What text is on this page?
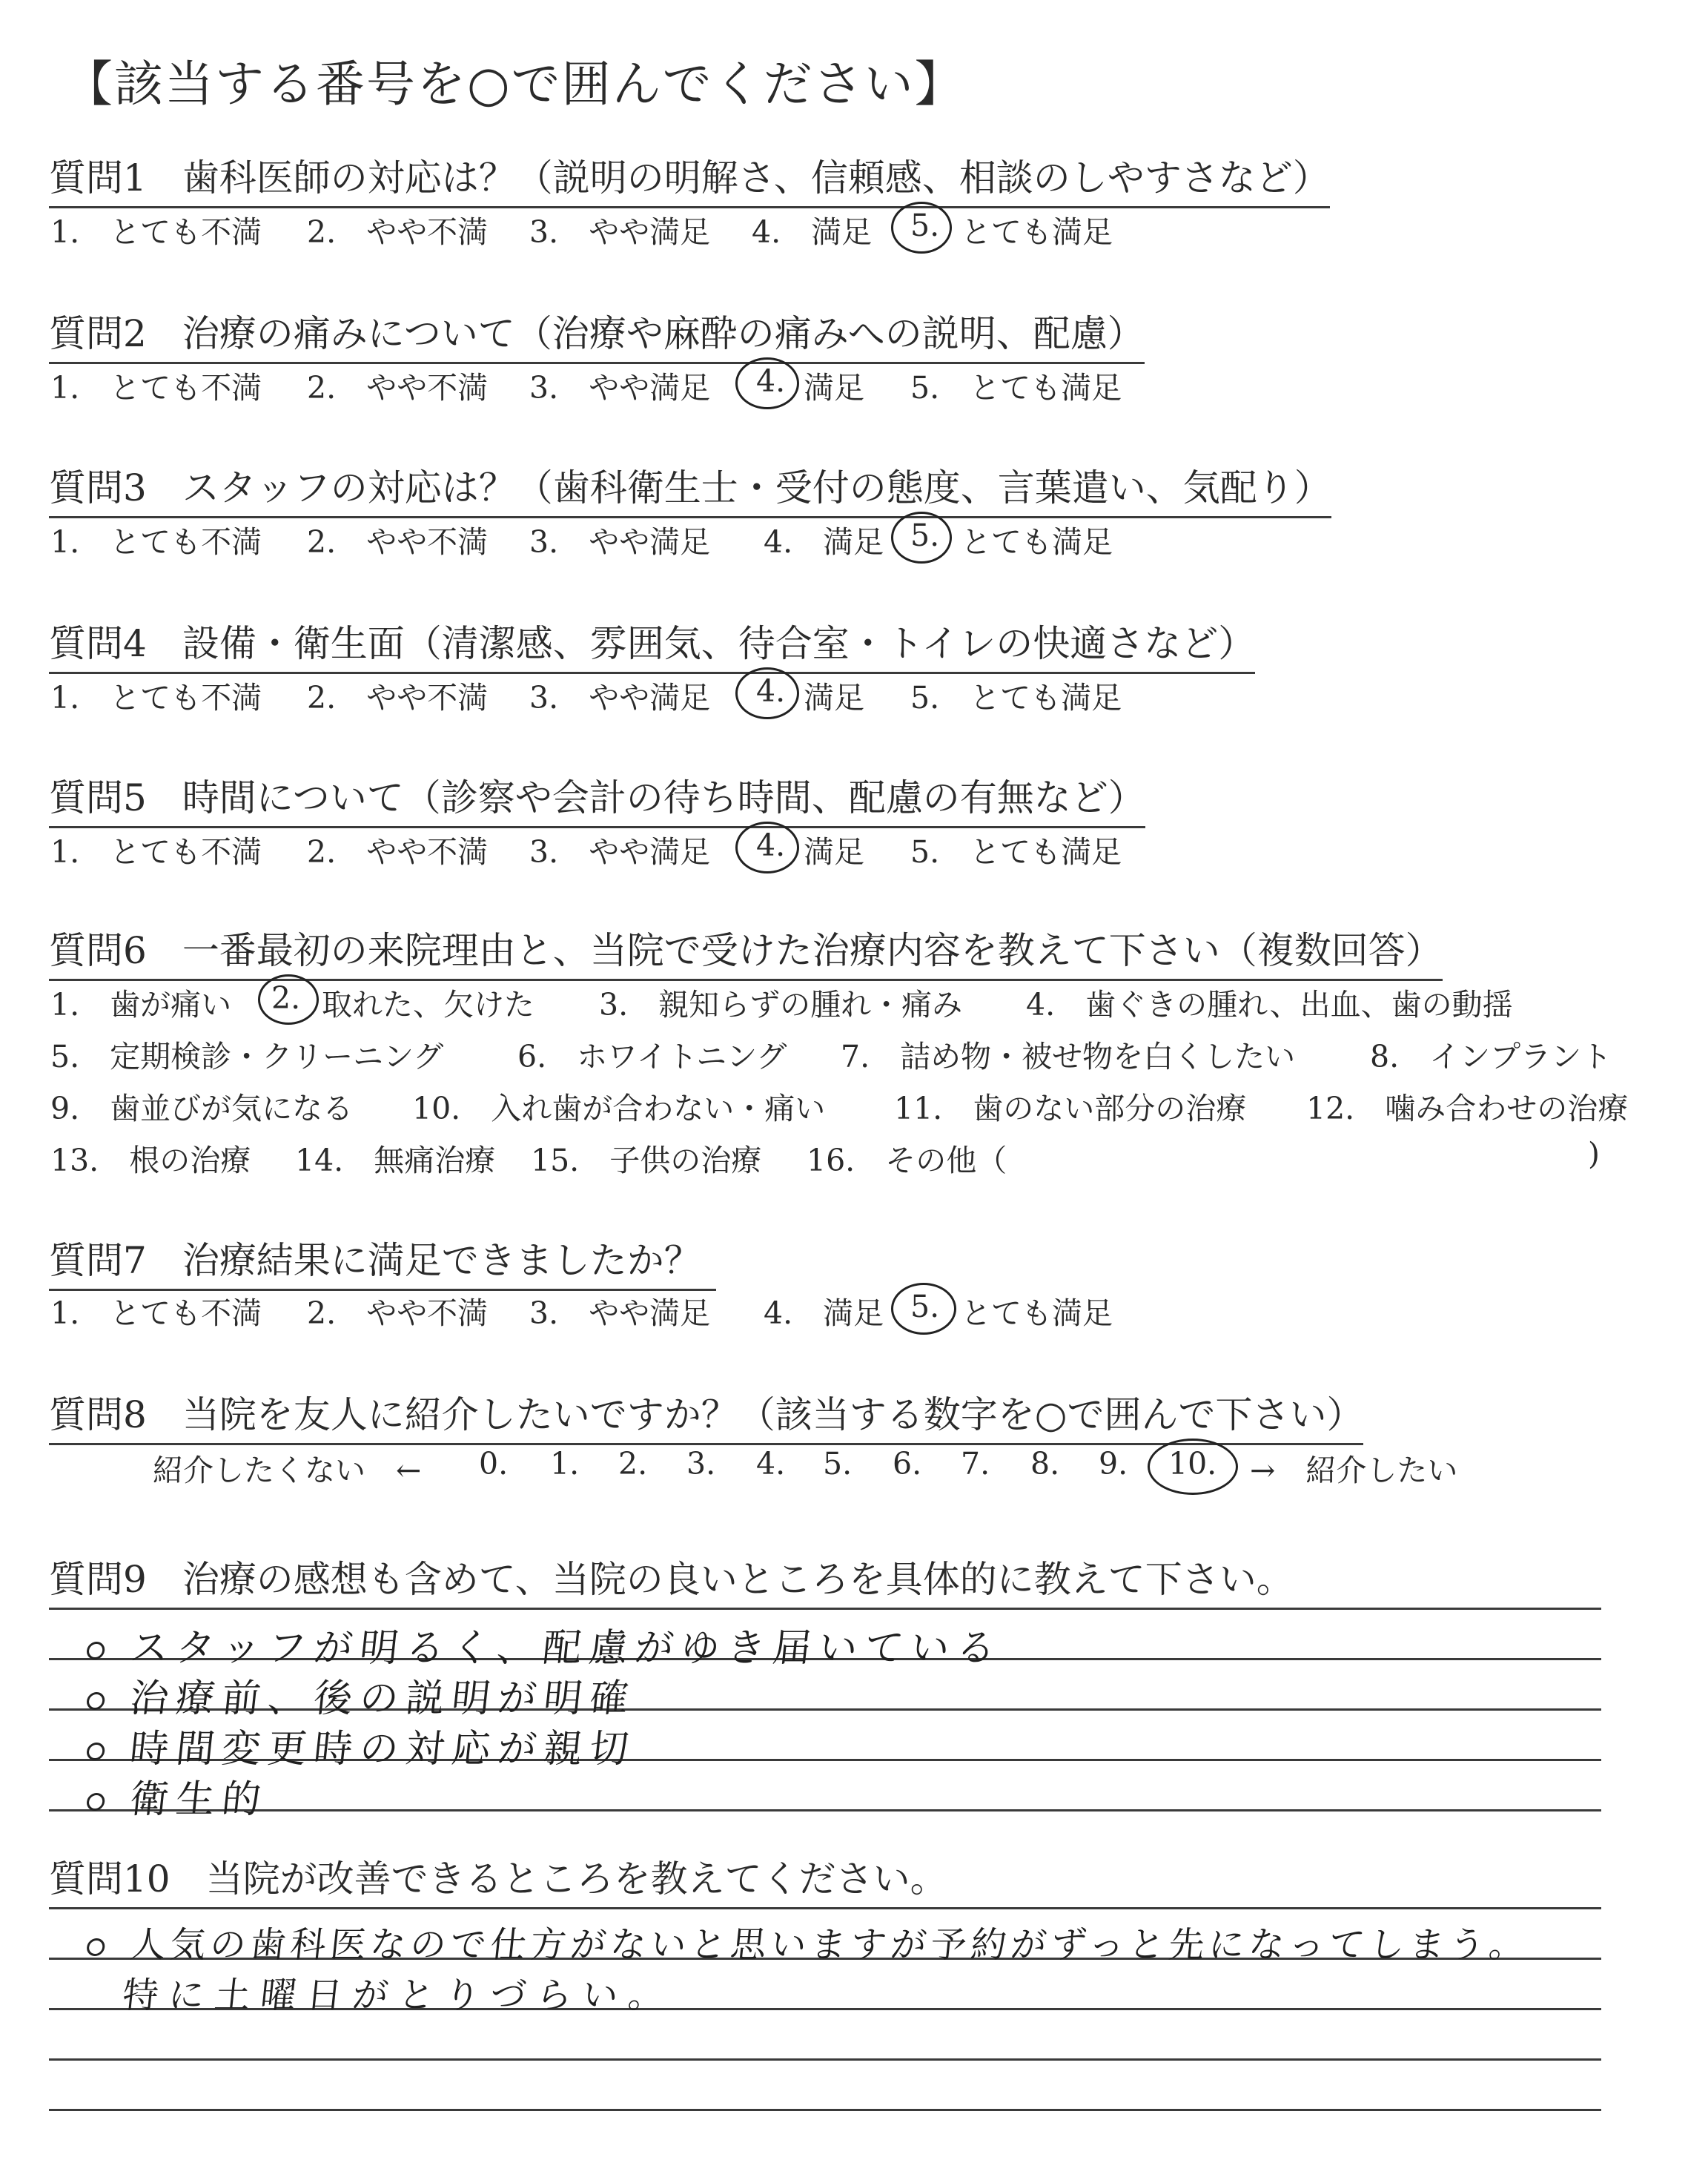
【該当する番号を○で囲んでください】
質問1 歯科医師の対応は？（説明の明解さ、信頼感、相談のしやすさなど）
1.　とても不満 2.　やや不満 3.　やや満足 4.　満足 5. とても満足
質問2 治療の痛みについて（治療や麻酔の痛みへの説明、配慮）
1.　とても不満 2.　やや不満 3.　やや満足 4. 満足 5.　とても満足
質問3 スタッフの対応は？（歯科衛生士・受付の態度、言葉遣い、気配り）
1.　とても不満 2.　やや不満 3.　やや満足 4.　満足 5. とても満足
質問4 設備・衛生面（清潔感、雰囲気、待合室・トイレの快適さなど）
1.　とても不満 2.　やや不満 3.　やや満足 4. 満足 5.　とても満足
質問5 時間について（診察や会計の待ち時間、配慮の有無など）
1.　とても不満 2.　やや不満 3.　やや満足 4. 満足 5.　とても満足
質問6 一番最初の来院理由と、当院で受けた治療内容を教えて下さい（複数回答）
1.　歯が痛い 2. 取れた、欠けた 3.　親知らずの腫れ・痛み 4.　歯ぐきの腫れ、出血、歯の動揺
5.　定期検診・クリーニング 6.　ホワイトニング 7.　詰め物・被せ物を白くしたい 8.　インプラント
9.　歯並びが気になる 10.　入れ歯が合わない・痛い 11.　歯のない部分の治療 12.　噛み合わせの治療
13.　根の治療 14.　無痛治療 15.　子供の治療 16.　その他（	)
質問7 治療結果に満足できましたか？
1.　とても不満 2.　やや不満 3.　やや満足 4.　満足 5. とても満足
質問8 当院を友人に紹介したいですか？（該当する数字を○で囲んで下さい）
紹介したくない　← 0. 1. 2. 3. 4. 5. 6. 7. 8. 9. 10. →　紹介したい
質問9 治療の感想も含めて、当院の良いところを具体的に教えて下さい。
スタッフが明るく、配慮がゆき届いている
治療前、後の説明が明確
時間変更時の対応が親切
衛生的
質問10 当院が改善できるところを教えてください。
人気の歯科医なので仕方がないと思いますが予約がずっと先になってしまう。
特に土曜日がとりづらい。
